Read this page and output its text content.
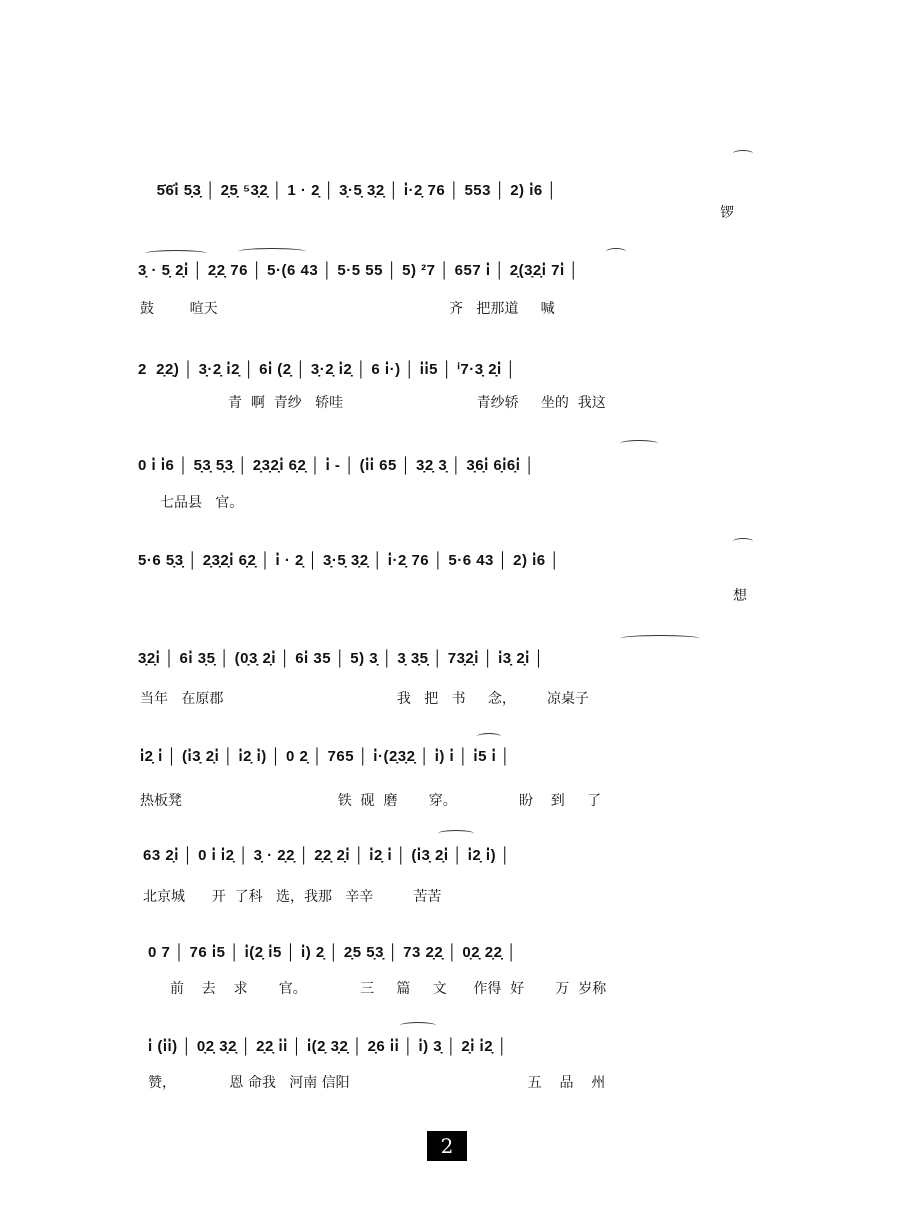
5̇6̇i̇ 5̣3̣ │ 2̣5̣ ⁵3̣2̣ │ 1 · 2̣ │ 3̣·5̣ 3̣2̣ │ i̇·2̣ 76 │ 553 │ 2) i̇6 │

锣
3̣ · 5̣ 2̣i̇ │ 2̣2̣ 76 │ 5·(6 43 │ 5·5 55 │ 5) ²7 │ 657 i̇ │ 2̣(3̣2̣i̇ 7i̇ │
鼓        喧天                                                    齐   把那道     喊
2  2̣2̣) │ 3̣·2̣ i̇2̣ │ 6i̇ (2̣ │ 3̣·2̣ i̇2̣ │ 6 i̇·) │ i̇i̇5 │ ⁱ7·3̣ 2̣i̇ │
青  啊  青纱   轿哇                              青纱轿     坐的  我这
0 i̇ i̇6 │ 5̣3̣ 5̣3̣ │ 2̣3̣2̣i̇ 6̣2̣ │ i̇ - │ (i̇i̇ 65 │ 3̣2̣ 3̣ │ 3̣6̣i̇ 6̣i̇6̣i̇ │
七品县   官。
5·6 5̣3̣ │ 2̣3̣2̣i̇ 6̣2̣ │ i̇ · 2̣ │ 3̣·5̣ 3̣2̣ │ i̇·2̣ 76 │ 5·6 43 │ 2) i̇6 │
想
3̣2̣i̇ │ 6i̇ 3̣5̣ │ (0̣3̣ 2̣i̇ │ 6i̇ 35 │ 5) 3̣ │ 3̣ 3̣5̣ │ 73̣2̣i̇ │ i̇3̣ 2̣i̇ │
当年   在原郡                                       我   把   书     念，       凉桌子
i̇2̣ i̇ │ (i̇3̣ 2̣i̇ │ i̇2̣ i̇) │ 0 2̣ │ 765 │ i̇·(2̣3̣2̣ │ i̇) i̇ │ i̇5 i̇ │
热板凳                                   铁  砚  磨       穿。              盼    到     了
63 2̣i̇ │ 0 i̇ i̇2̣ │ 3̣ · 2̣2̣ │ 2̣2̣ 2̣i̇ │ i̇2̣ i̇ │ (i̇3̣ 2̣i̇ │ i̇2̣ i̇) │
北京城      开  了科   选，我那   辛辛         苦苦
0 7 │ 76 i̇5 │ i̇(2̣ i̇5 │ i̇) 2̣ │ 2̣5 5̣3̣ │ 73 2̣2̣ │ 0̣2̣ 2̣2̣ │
前    去    求       官。            三     篇     文      作得  好       万  岁称
i̇ (i̇i̇) │ 0̣2̣ 3̣2̣ │ 2̣2̣ i̇i̇ │ i̇(2̣ 3̣2̣ │ 2̣6 i̇i̇ │ i̇) 3̣ │ 2̣i̇ i̇2̣ │
赞，            恩 命我   河南 信阳                                        五    品    州
2
